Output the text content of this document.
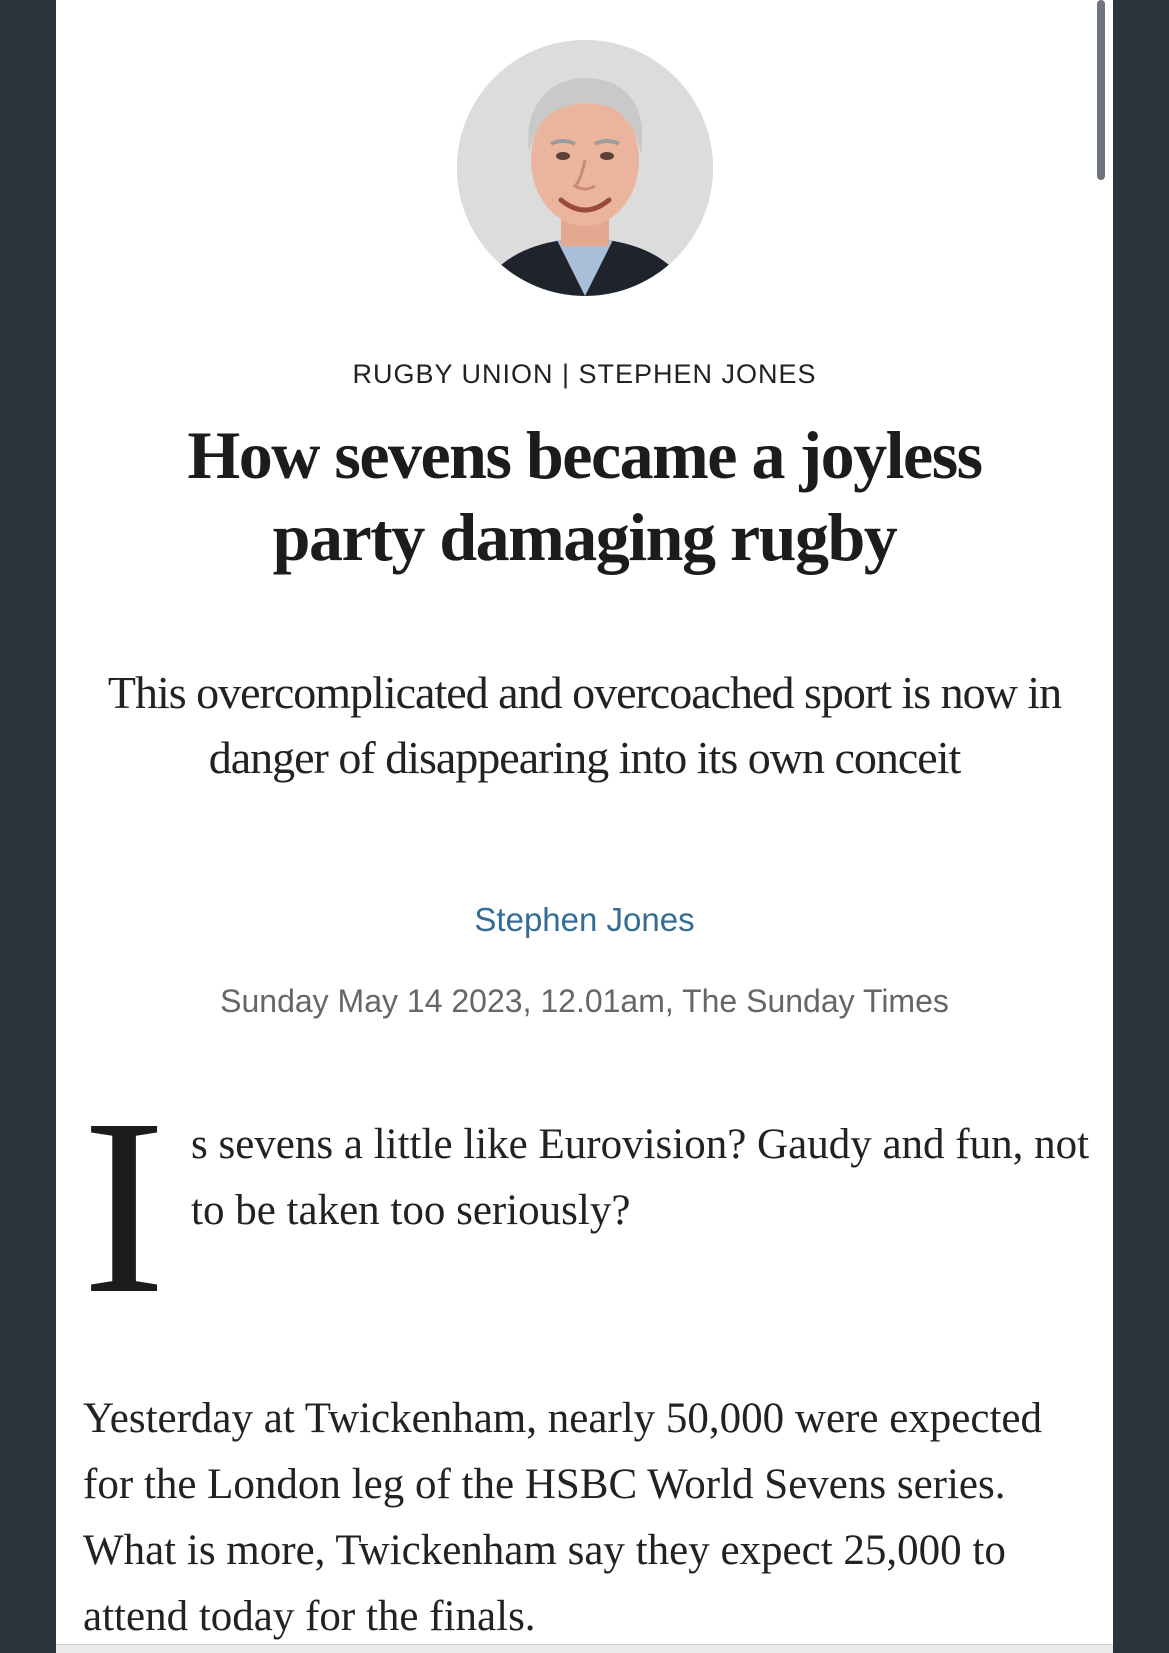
RUGBY UNION | STEPHEN JONES
How sevens became a joyless party damaging rugby

This overcomplicated and overcoached sport is now in danger of disappearing into its own conceit

Stephen Jones
Sunday May 14 2023, 12.01am, The Sunday Times
I s sevens a little like Eurovision? Gaudy and fun, not to be taken too seriously?

Yesterday at Twickenham, nearly 50,000 were expected for the London leg of the HSBC World Sevens series. What is more, Twickenham say they expect 25,000 to attend today for the finals.
